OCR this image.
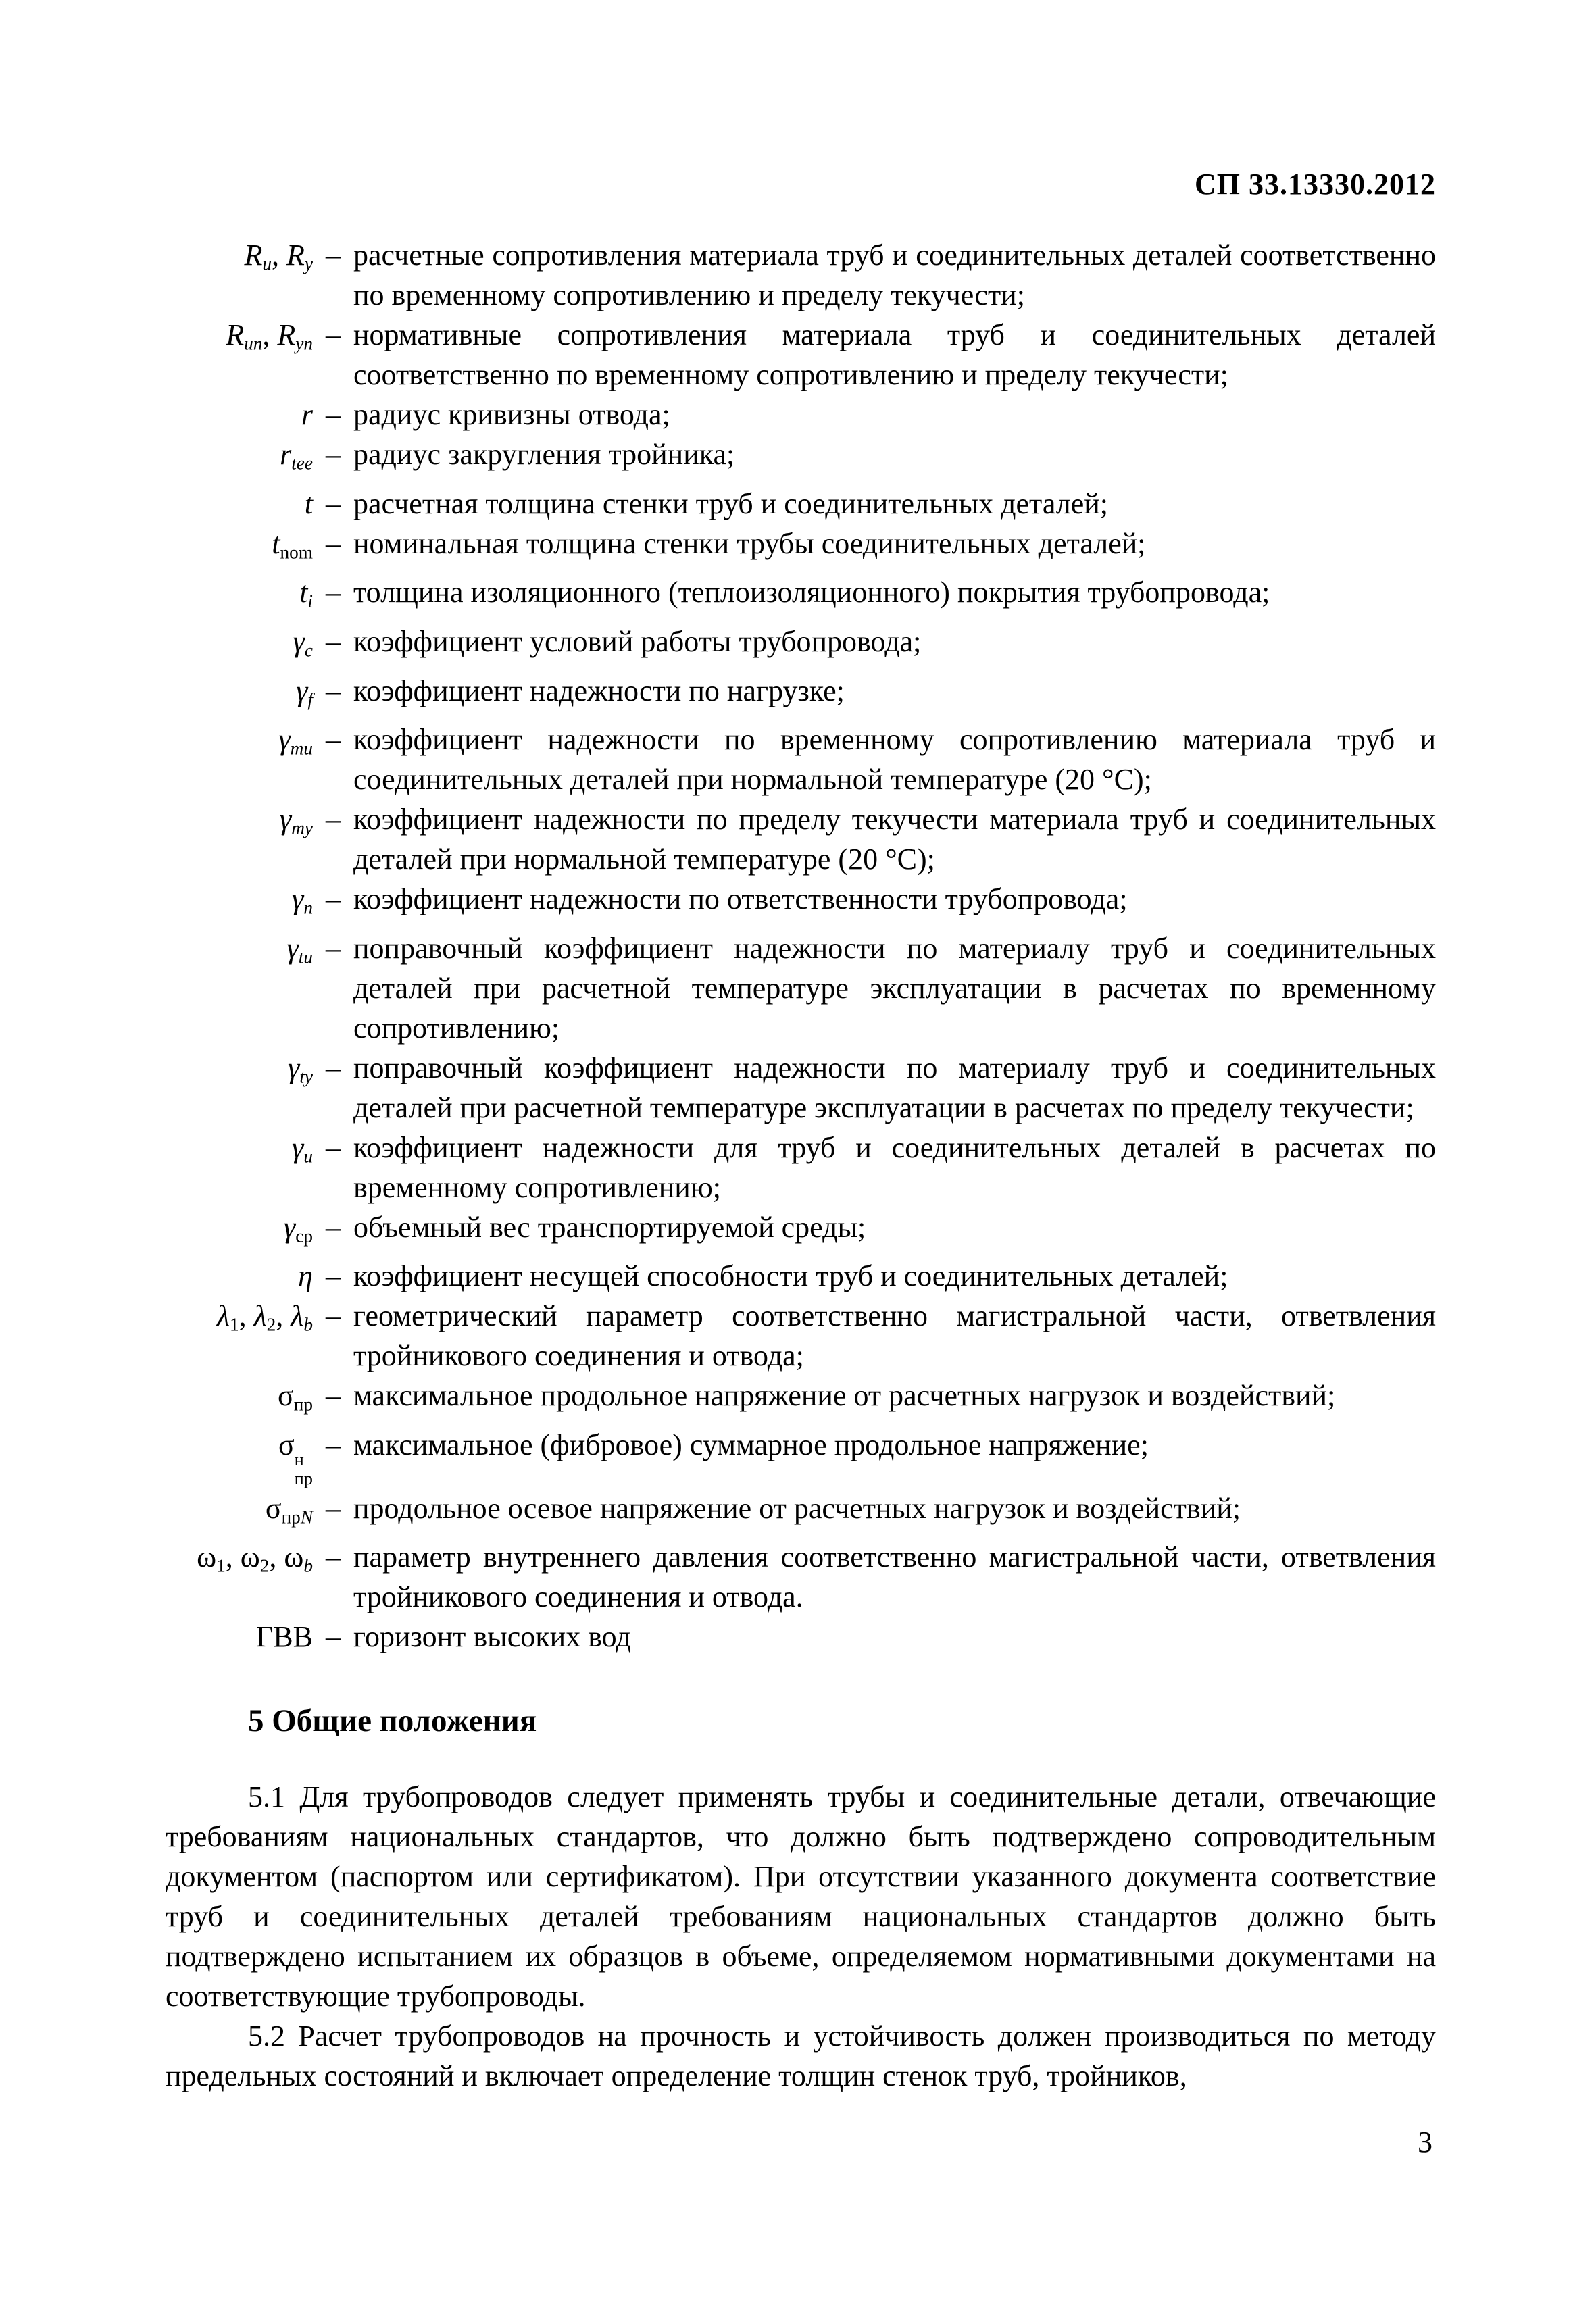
СП 33.13330.2012
Ru, Ry – расчетные сопротивления материала труб и соединительных деталей соответственно по временному сопротивлению и пределу текучести;
Run, Ryn – нормативные сопротивления материала труб и соединительных деталей соответственно по временному сопротивлению и пределу текучести;
r – радиус кривизны отвода;
rtee – радиус закругления тройника;
t – расчетная толщина стенки труб и соединительных деталей;
tnom – номинальная толщина стенки трубы соединительных деталей;
ti – толщина изоляционного (теплоизоляционного) покрытия трубопровода;
γc – коэффициент условий работы трубопровода;
γf – коэффициент надежности по нагрузке;
γmu – коэффициент надежности по временному сопротивлению материала труб и соединительных деталей при нормальной температуре (20 °С);
γmy – коэффициент надежности по пределу текучести материала труб и соединительных деталей при нормальной температуре (20 °С);
γn – коэффициент надежности по ответственности трубопровода;
γtu – поправочный коэффициент надежности по материалу труб и соединительных деталей при расчетной температуре эксплуатации в расчетах по временному сопротивлению;
γty – поправочный коэффициент надежности по материалу труб и соединительных деталей при расчетной температуре эксплуатации в расчетах по пределу текучести;
γu – коэффициент надежности для труб и соединительных деталей в расчетах по временному сопротивлению;
γср – объемный вес транспортируемой среды;
η – коэффициент несущей способности труб и соединительных деталей;
λ1, λ2, λb – геометрический параметр соответственно магистральной части, ответвления тройникового соединения и отвода;
σпр – максимальное продольное напряжение от расчетных нагрузок и воздействий;
σ н
пр
– максимальное (фибровое) суммарное продольное напряжение;
σпрN – продольное осевое напряжение от расчетных нагрузок и воздействий;
ω1, ω2, ωb – параметр внутреннего давления соответственно магистральной части, ответвления тройникового соединения и отвода.
ГВВ – горизонт высоких вод
5 Общие положения
5.1 Для трубопроводов следует применять трубы и соединительные детали, отвечающие требованиям национальных стандартов, что должно быть подтверждено сопроводительным документом (паспортом или сертификатом). При отсутствии указанного документа соответствие труб и соединительных деталей требованиям национальных стандартов должно быть подтверждено испытанием их образцов в объеме, определяемом нормативными документами на соответствующие трубопроводы.
5.2 Расчет трубопроводов на прочность и устойчивость должен производиться по методу предельных состояний и включает определение толщин стенок труб, тройников,
3
